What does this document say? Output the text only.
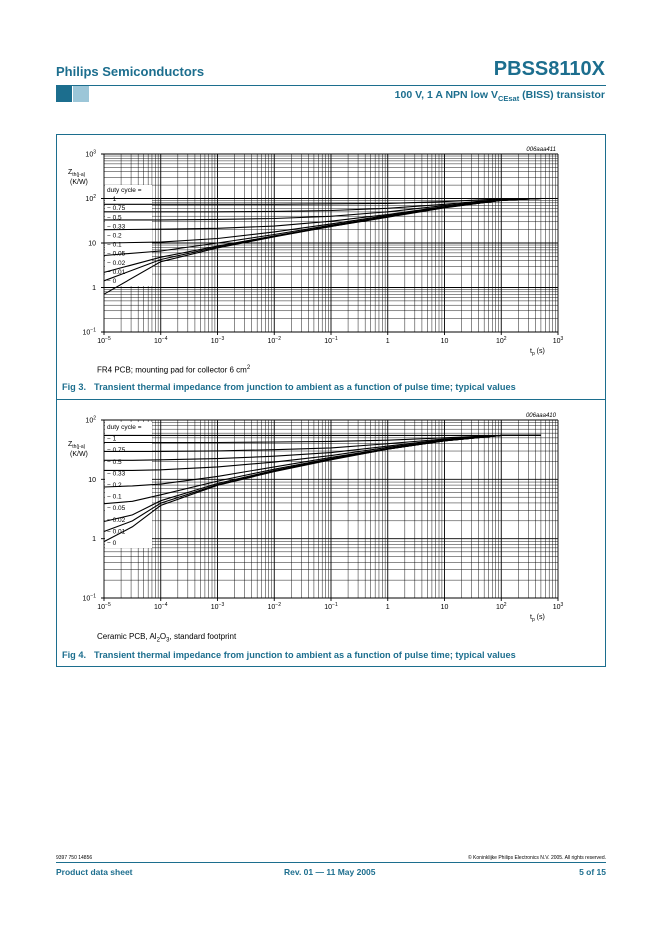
Philips Semiconductors	PBSS8110X
100 V, 1 A NPN low $V_{CEsat}$ (BISS) transistor
$10^{-5}$	$10^{-4}$	$10^{-3}$	$10^{-2}$	$10^{-1}$	1	10	$10^2$	$10^3$
$10^{-1}$
1
10
$10^2$
$10^3$
$Z_{th(j-a)}$
(K/W)
$t_p$ (s)
006aaa411
duty cycle =
− 1
− 0.75
− 0.5
− 0.33
− 0.2
− 0.1
− 0.05
− 0.02
− 0.01
− 0
FR4 PCB; mounting pad for collector 6 $cm^2$
Fig 3. Transient thermal impedance from junction to ambient as a function of pulse time; typical values
$10^{-5}$	$10^{-4}$	$10^{-3}$	$10^{-2}$	$10^{-1}$	1	10	$10^2$	$10^3$
$10^{-1}$
1
10
$10^2$
$Z_{th(j-a)}$
(K/W)
$t_p$ (s)
006aaa410
duty cycle =
− 1
− 0.75
− 0.5
− 0.33
− 0.2
− 0.1
− 0.05
− 0.02
− 0.01
− 0
Ceramic PCB, $Al_2O_3$, standard footprint
Fig 4. Transient thermal impedance from junction to ambient as a function of pulse time; typical values
9397 750 14856	© Koninklijke Philips Electronics N.V. 2005. All rights reserved.
Product data sheet	Rev. 01 — 11 May 2005	5 of 15
